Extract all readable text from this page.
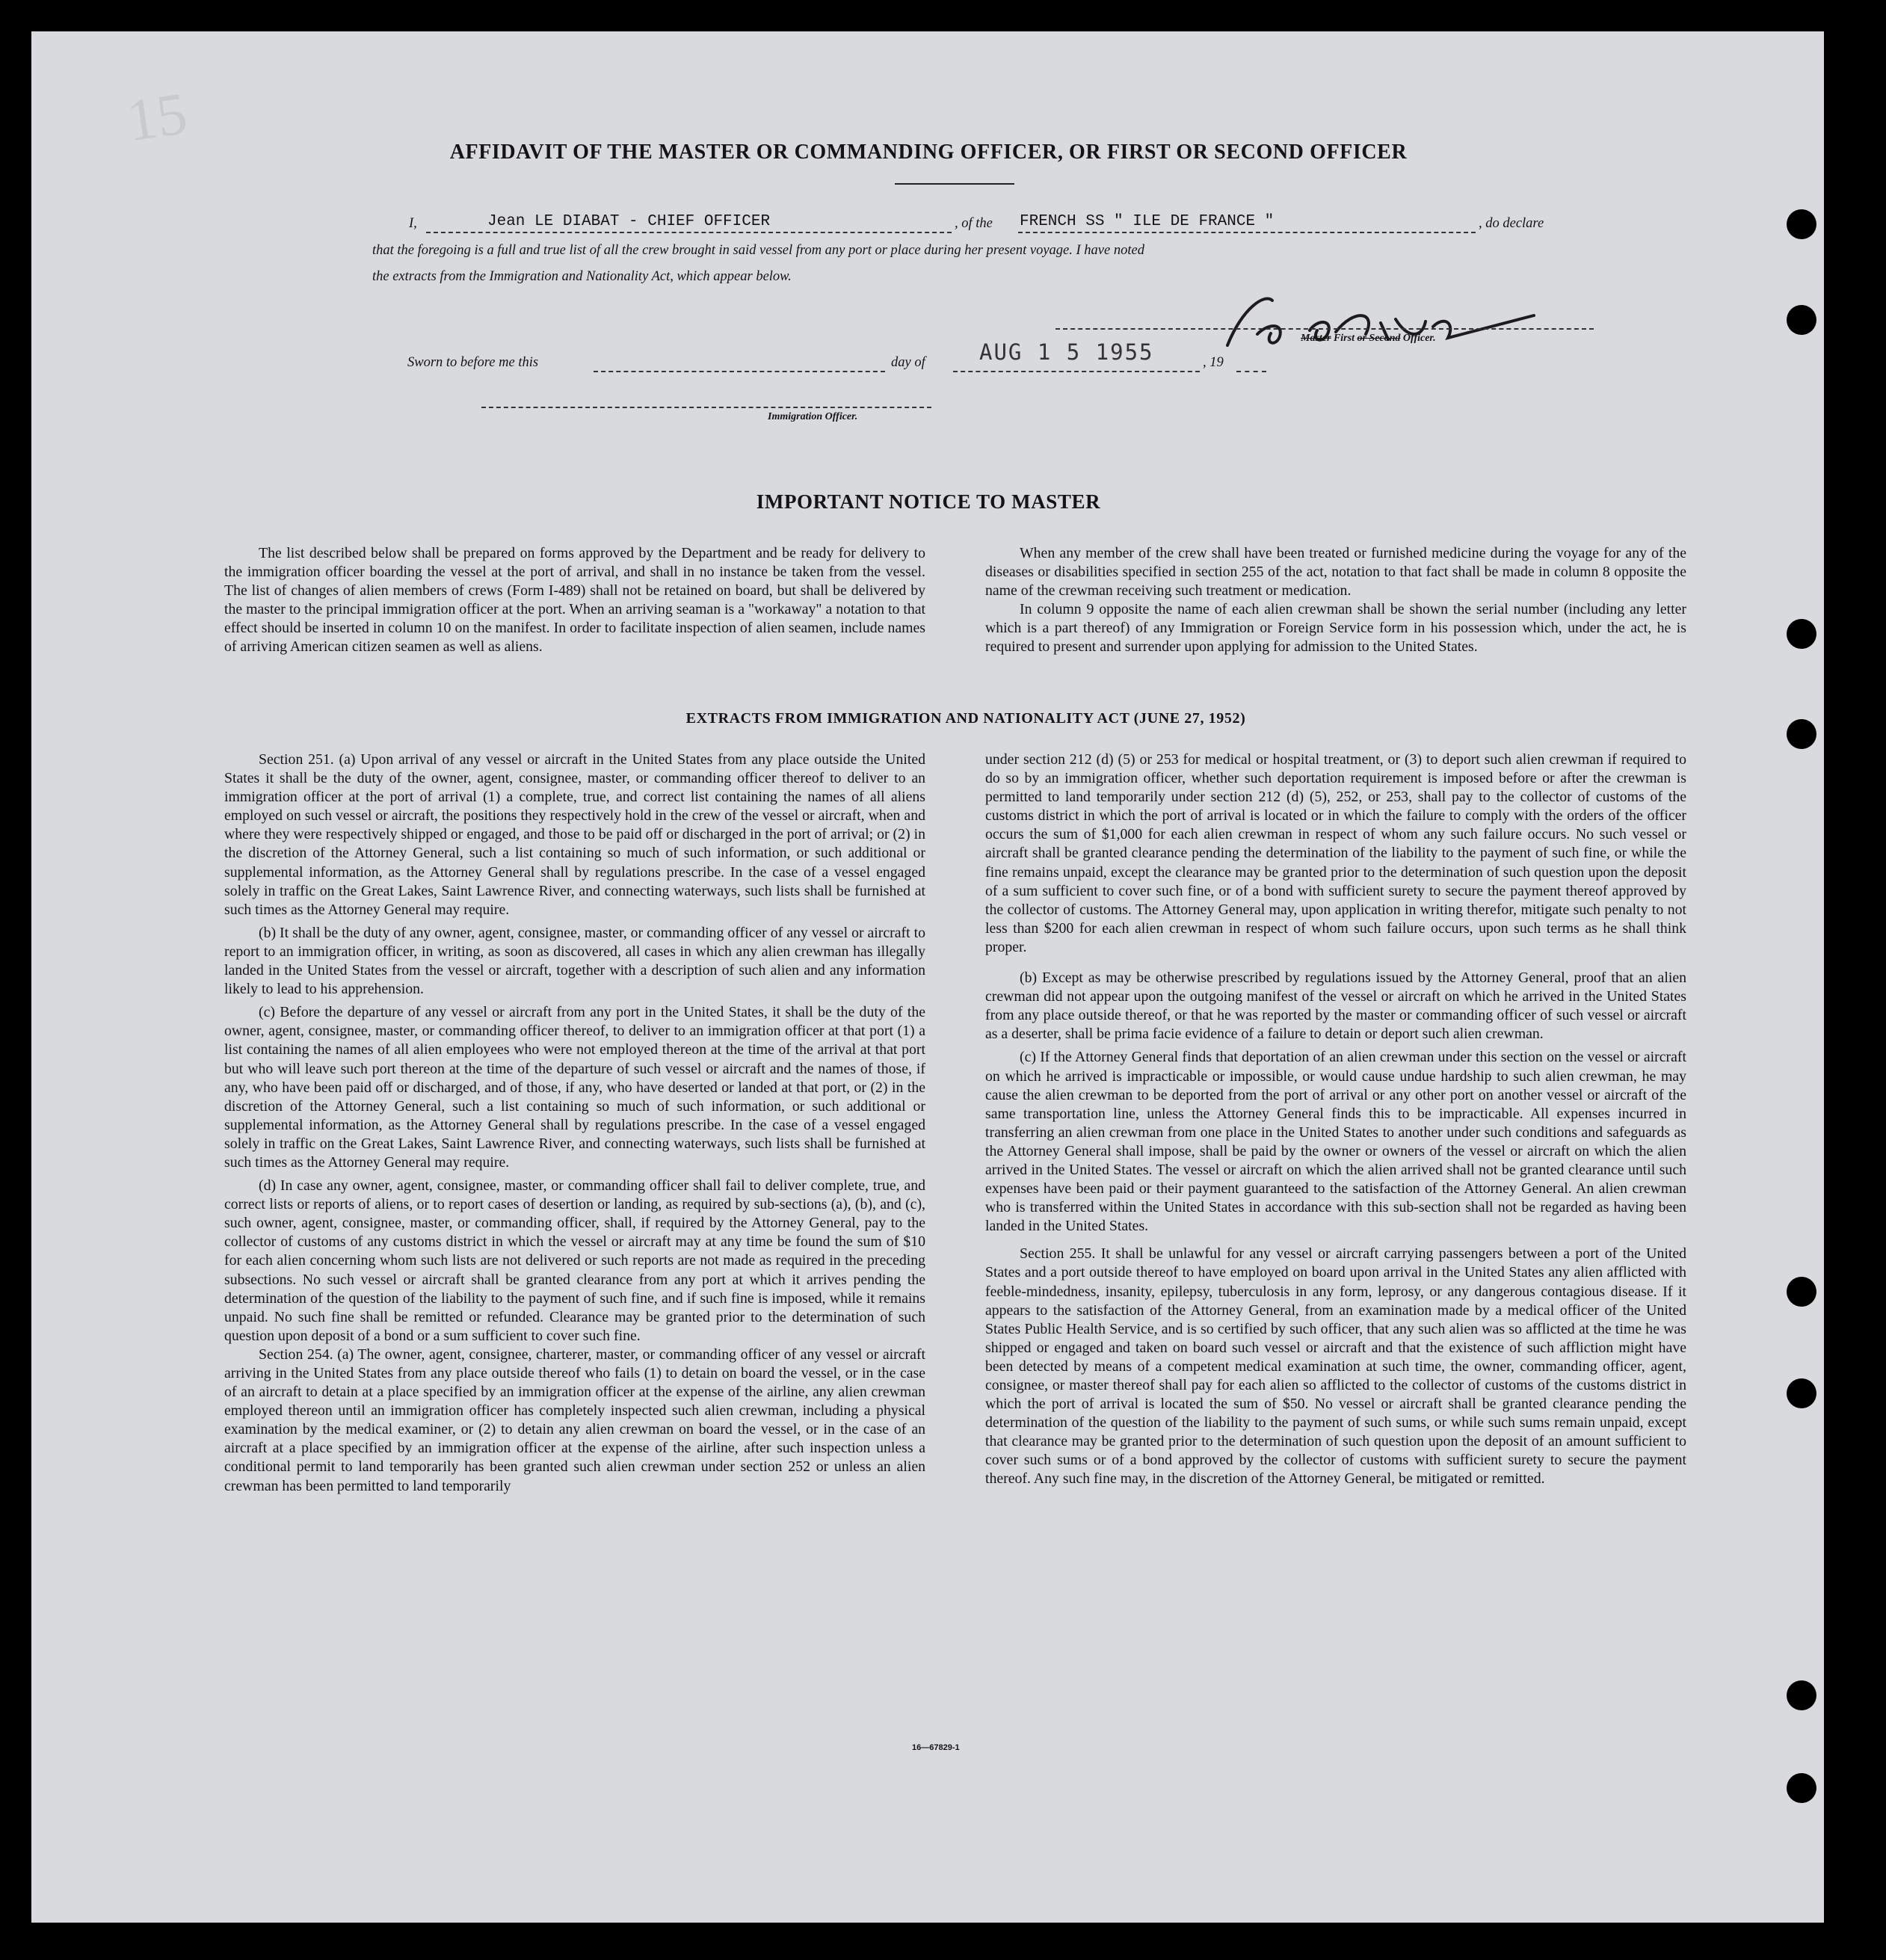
15	AFFIDAVIT OF THE MASTER OR COMMANDING OFFICER, OR FIRST OR SECOND OFFICER
I,	Jean LE DIABAT - CHIEF OFFICER	, of the FRENCH SS " ILE DE FRANCE "	, do declare
that the foregoing is a full and true list of all the crew brought in said vessel from any port or place during her present voyage. I have noted
the extracts from the Immigration and Nationality Act, which appear below.
Master First or Second Officer.
Sworn to before me this	day of AUG 1 5 1955	, 19
Immigration Officer.
IMPORTANT NOTICE TO MASTER

The list described below shall be prepared on forms approved by the Department and be ready for delivery to the immigration officer boarding the vessel at the port of arrival, and shall in no instance be taken from the vessel. The list of changes of alien members of crews (Form I-489) shall not be retained on board, but shall be delivered by the master to the principal immigration officer at the port. When an arriving seaman is a "workaway" a notation to that effect should be inserted in column 10 on the manifest. In order to facilitate inspection of alien seamen, include names of arriving American citizen seamen as well as aliens.

When any member of the crew shall have been treated or furnished medicine during the voyage for any of the diseases or disabilities specified in section 255 of the act, notation to that fact shall be made in column 8 opposite the name of the crewman receiving such treatment or medication.

In column 9 opposite the name of each alien crewman shall be shown the serial number (including any letter which is a part thereof) of any Immigration or Foreign Service form in his possession which, under the act, he is required to present and surrender upon applying for admission to the United States.

EXTRACTS FROM IMMIGRATION AND NATIONALITY ACT (JUNE 27, 1952)

Section 251. (a) Upon arrival of any vessel or aircraft in the United States from any place outside the United States it shall be the duty of the owner, agent, consignee, master, or commanding officer thereof to deliver to an immigration officer at the port of arrival (1) a complete, true, and correct list containing the names of all aliens employed on such vessel or aircraft, the positions they respectively hold in the crew of the vessel or aircraft, when and where they were respectively shipped or engaged, and those to be paid off or discharged in the port of arrival; or (2) in the discretion of the Attorney General, such a list containing so much of such information, or such additional or supplemental information, as the Attorney General shall by regulations prescribe. In the case of a vessel engaged solely in traffic on the Great Lakes, Saint Lawrence River, and connecting waterways, such lists shall be furnished at such times as the Attorney General may require.

(b) It shall be the duty of any owner, agent, consignee, master, or commanding officer of any vessel or aircraft to report to an immigration officer, in writing, as soon as discovered, all cases in which any alien crewman has illegally landed in the United States from the vessel or aircraft, together with a description of such alien and any information likely to lead to his apprehension.

(c) Before the departure of any vessel or aircraft from any port in the United States, it shall be the duty of the owner, agent, consignee, master, or commanding officer thereof, to deliver to an immigration officer at that port (1) a list containing the names of all alien employees who were not employed thereon at the time of the arrival at that port but who will leave such port thereon at the time of the departure of such vessel or aircraft and the names of those, if any, who have been paid off or discharged, and of those, if any, who have deserted or landed at that port, or (2) in the discretion of the Attorney General, such a list containing so much of such information, or such additional or supplemental information, as the Attorney General shall by regulations prescribe. In the case of a vessel engaged solely in traffic on the Great Lakes, Saint Lawrence River, and connecting waterways, such lists shall be furnished at such times as the Attorney General may require.

(d) In case any owner, agent, consignee, master, or commanding officer shall fail to deliver complete, true, and correct lists or reports of aliens, or to report cases of desertion or landing, as required by sub-sections (a), (b), and (c), such owner, agent, consignee, master, or commanding officer, shall, if required by the Attorney General, pay to the collector of customs of any customs district in which the vessel or aircraft may at any time be found the sum of $10 for each alien concerning whom such lists are not delivered or such reports are not made as required in the preceding subsections. No such vessel or aircraft shall be granted clearance from any port at which it arrives pending the determination of the question of the liability to the payment of such fine, and if such fine is imposed, while it remains unpaid. No such fine shall be remitted or refunded. Clearance may be granted prior to the determination of such question upon deposit of a bond or a sum sufficient to cover such fine.

Section 254. (a) The owner, agent, consignee, charterer, master, or commanding officer of any vessel or aircraft arriving in the United States from any place outside thereof who fails (1) to detain on board the vessel, or in the case of an aircraft to detain at a place specified by an immigration officer at the expense of the airline, any alien crewman employed thereon until an immigration officer has completely inspected such alien crewman, including a physical examination by the medical examiner, or (2) to detain any alien crewman on board the vessel, or in the case of an aircraft at a place specified by an immigration officer at the expense of the airline, after such inspection unless a conditional permit to land temporarily has been granted such alien crewman under section 252 or unless an alien crewman has been permitted to land temporarily

under section 212 (d) (5) or 253 for medical or hospital treatment, or (3) to deport such alien crewman if required to do so by an immigration officer, whether such deportation requirement is imposed before or after the crewman is permitted to land temporarily under section 212 (d) (5), 252, or 253, shall pay to the collector of customs of the customs district in which the port of arrival is located or in which the failure to comply with the orders of the officer occurs the sum of $1,000 for each alien crewman in respect of whom any such failure occurs. No such vessel or aircraft shall be granted clearance pending the determination of the liability to the payment of such fine, or while the fine remains unpaid, except the clearance may be granted prior to the determination of such question upon the deposit of a sum sufficient to cover such fine, or of a bond with sufficient surety to secure the payment thereof approved by the collector of customs. The Attorney General may, upon application in writing therefor, mitigate such penalty to not less than $200 for each alien crewman in respect of whom such failure occurs, upon such terms as he shall think proper.

(b) Except as may be otherwise prescribed by regulations issued by the Attorney General, proof that an alien crewman did not appear upon the outgoing manifest of the vessel or aircraft on which he arrived in the United States from any place outside thereof, or that he was reported by the master or commanding officer of such vessel or aircraft as a deserter, shall be prima facie evidence of a failure to detain or deport such alien crewman.

(c) If the Attorney General finds that deportation of an alien crewman under this section on the vessel or aircraft on which he arrived is impracticable or impossible, or would cause undue hardship to such alien crewman, he may cause the alien crewman to be deported from the port of arrival or any other port on another vessel or aircraft of the same transportation line, unless the Attorney General finds this to be impracticable. All expenses incurred in transferring an alien crewman from one place in the United States to another under such conditions and safeguards as the Attorney General shall impose, shall be paid by the owner or owners of the vessel or aircraft on which the alien arrived in the United States. The vessel or aircraft on which the alien arrived shall not be granted clearance until such expenses have been paid or their payment guaranteed to the satisfaction of the Attorney General. An alien crewman who is transferred within the United States in accordance with this sub-section shall not be regarded as having been landed in the United States.

Section 255. It shall be unlawful for any vessel or aircraft carrying passengers between a port of the United States and a port outside thereof to have employed on board upon arrival in the United States any alien afflicted with feeble-mindedness, insanity, epilepsy, tuberculosis in any form, leprosy, or any dangerous contagious disease. If it appears to the satisfaction of the Attorney General, from an examination made by a medical officer of the United States Public Health Service, and is so certified by such officer, that any such alien was so afflicted at the time he was shipped or engaged and taken on board such vessel or aircraft and that the existence of such affliction might have been detected by means of a competent medical examination at such time, the owner, commanding officer, agent, consignee, or master thereof shall pay for each alien so afflicted to the collector of customs of the customs district in which the port of arrival is located the sum of $50. No vessel or aircraft shall be granted clearance pending the determination of the question of the liability to the payment of such sums, or while such sums remain unpaid, except that clearance may be granted prior to the determination of such question upon the deposit of an amount sufficient to cover such sums or of a bond approved by the collector of customs with sufficient surety to secure the payment thereof. Any such fine may, in the discretion of the Attorney General, be mitigated or remitted.

16—67829-1
